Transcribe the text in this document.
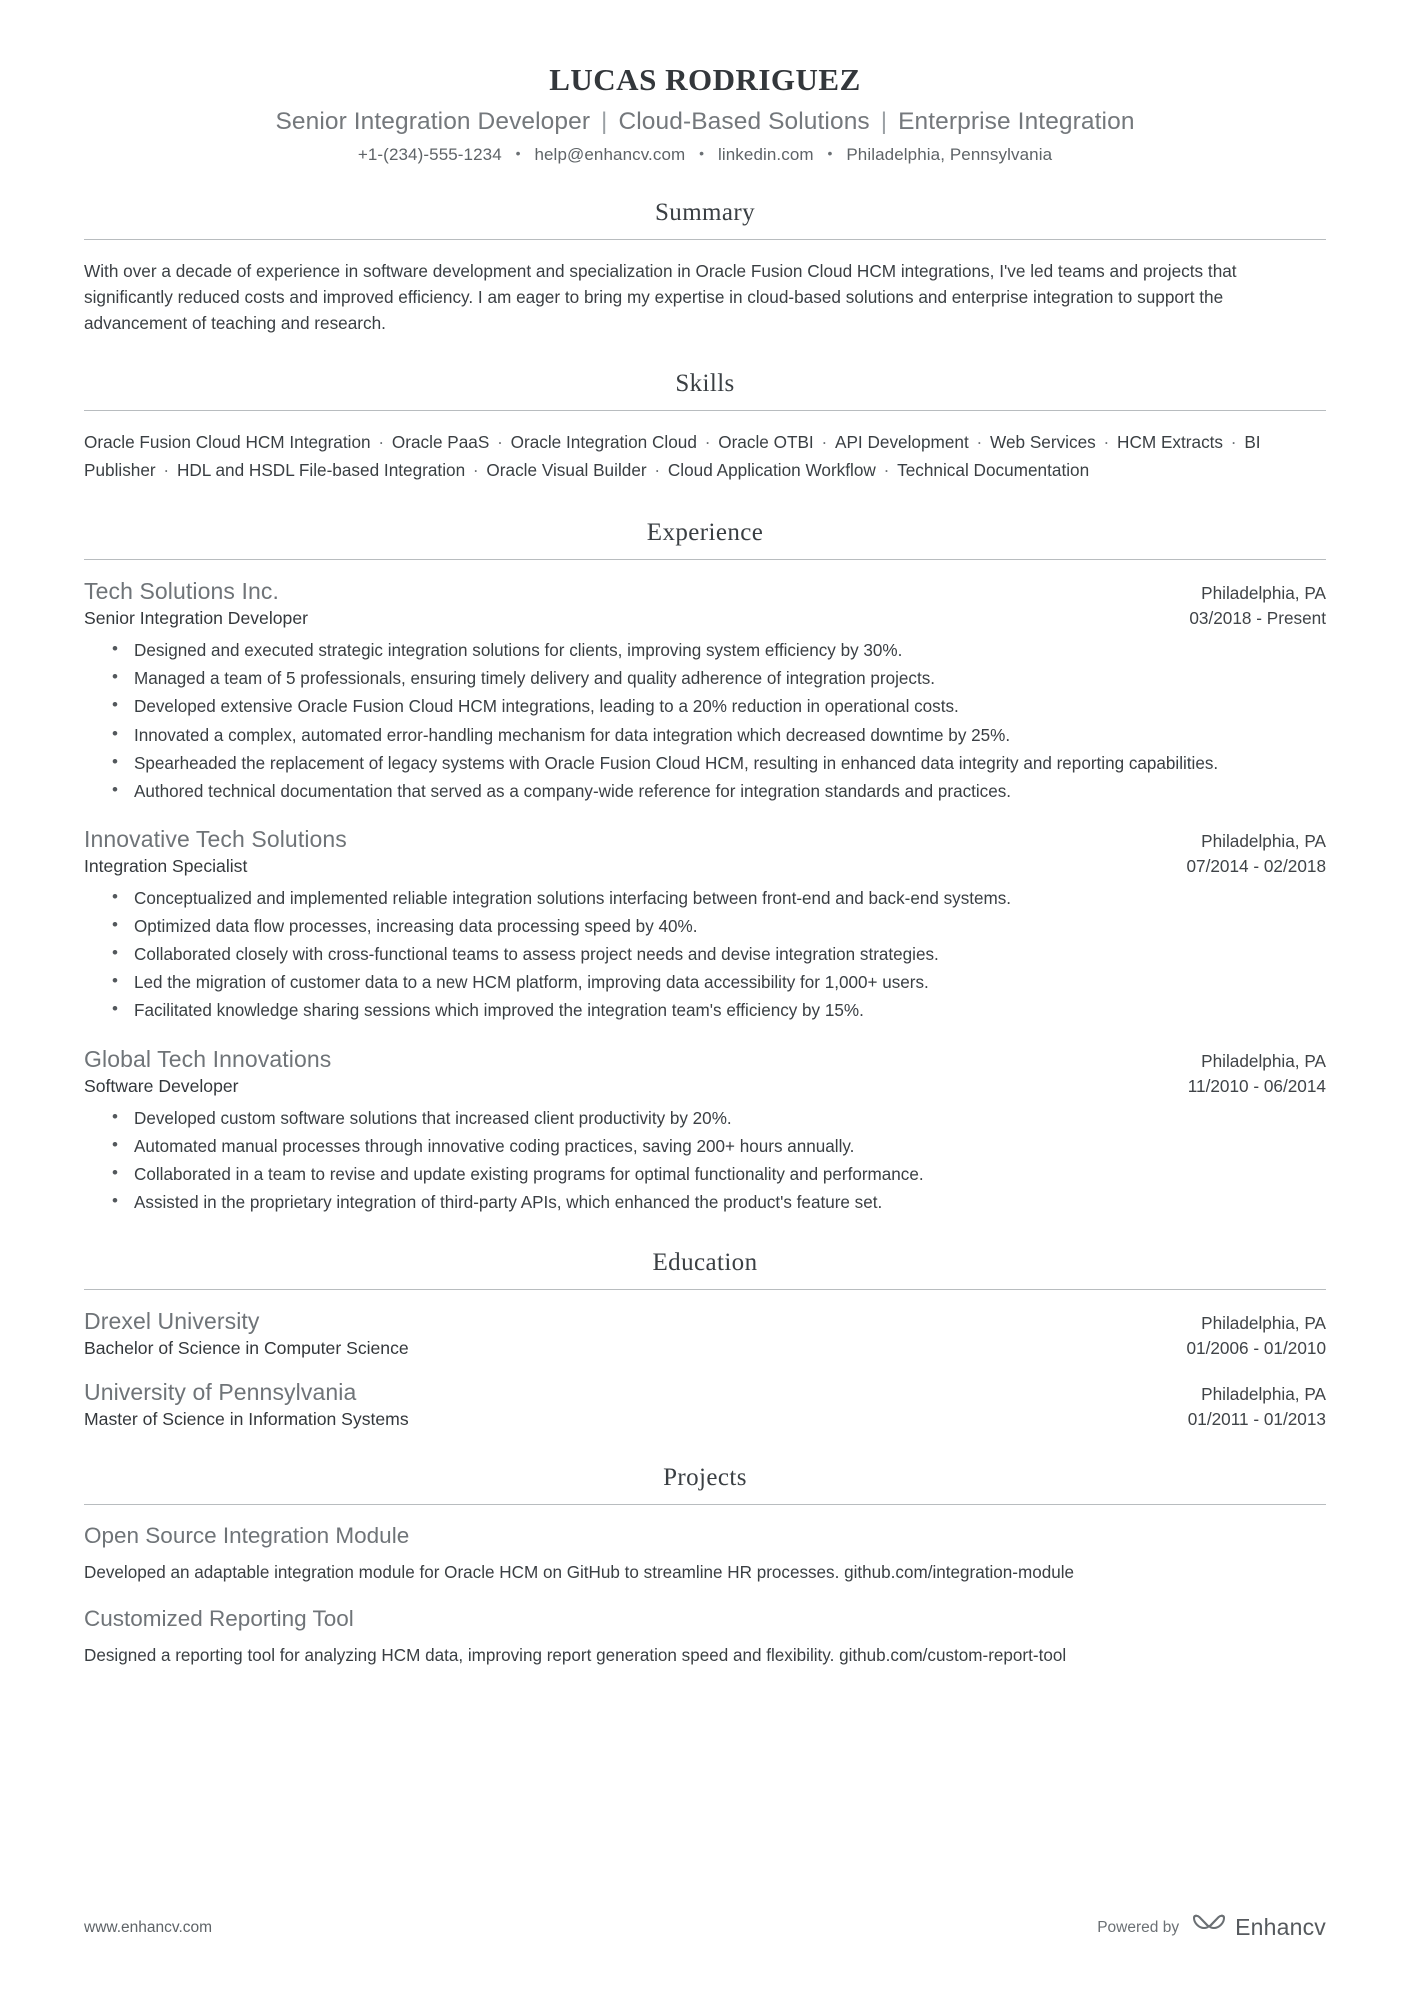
LUCAS RODRIGUEZ
Senior Integration Developer | Cloud-Based Solutions | Enterprise Integration
+1-(234)-555-1234 • help@enhancv.com • linkedin.com • Philadelphia, Pennsylvania
Summary
With over a decade of experience in software development and specialization in Oracle Fusion Cloud HCM integrations, I've led teams and projects that significantly reduced costs and improved efficiency. I am eager to bring my expertise in cloud-based solutions and enterprise integration to support the advancement of teaching and research.
Skills
Oracle Fusion Cloud HCM Integration · Oracle PaaS · Oracle Integration Cloud · Oracle OTBI · API Development · Web Services · HCM Extracts · BI Publisher · HDL and HSDL File-based Integration · Oracle Visual Builder · Cloud Application Workflow · Technical Documentation
Experience
Tech Solutions Inc.	Philadelphia, PA
Senior Integration Developer	03/2018 - Present
• Designed and executed strategic integration solutions for clients, improving system efficiency by 30%.
• Managed a team of 5 professionals, ensuring timely delivery and quality adherence of integration projects.
• Developed extensive Oracle Fusion Cloud HCM integrations, leading to a 20% reduction in operational costs.
• Innovated a complex, automated error-handling mechanism for data integration which decreased downtime by 25%.
• Spearheaded the replacement of legacy systems with Oracle Fusion Cloud HCM, resulting in enhanced data integrity and reporting capabilities.
• Authored technical documentation that served as a company-wide reference for integration standards and practices.
Innovative Tech Solutions	Philadelphia, PA
Integration Specialist	07/2014 - 02/2018
• Conceptualized and implemented reliable integration solutions interfacing between front-end and back-end systems.
• Optimized data flow processes, increasing data processing speed by 40%.
• Collaborated closely with cross-functional teams to assess project needs and devise integration strategies.
• Led the migration of customer data to a new HCM platform, improving data accessibility for 1,000+ users.
• Facilitated knowledge sharing sessions which improved the integration team's efficiency by 15%.
Global Tech Innovations	Philadelphia, PA
Software Developer	11/2010 - 06/2014
• Developed custom software solutions that increased client productivity by 20%.
• Automated manual processes through innovative coding practices, saving 200+ hours annually.
• Collaborated in a team to revise and update existing programs for optimal functionality and performance.
• Assisted in the proprietary integration of third-party APIs, which enhanced the product's feature set.
Education
Drexel University	Philadelphia, PA
Bachelor of Science in Computer Science	01/2006 - 01/2010
University of Pennsylvania	Philadelphia, PA
Master of Science in Information Systems	01/2011 - 01/2013
Projects
Open Source Integration Module
Developed an adaptable integration module for Oracle HCM on GitHub to streamline HR processes. github.com/integration-module
Customized Reporting Tool
Designed a reporting tool for analyzing HCM data, improving report generation speed and flexibility. github.com/custom-report-tool
www.enhancv.com	Powered by Enhancv
